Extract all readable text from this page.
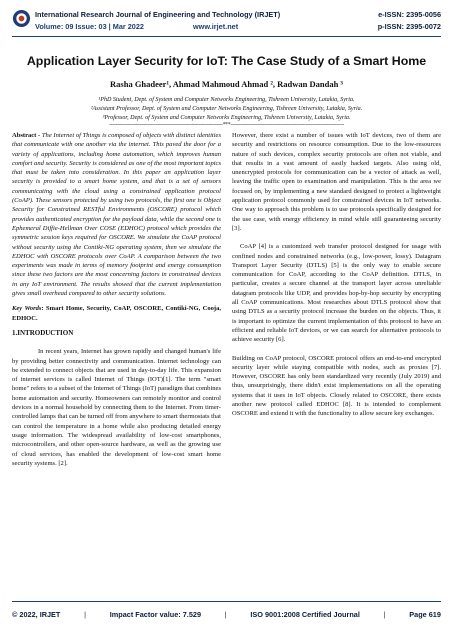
International Research Journal of Engineering and Technology (IRJET)
Volume: 09 Issue: 03 | Mar 2022	www.irjet.net
e-ISSN: 2395-0056
p-ISSN: 2395-0072
Application Layer Security for IoT: The Case Study of a Smart Home
Rasha Ghadeer¹, Ahmad Mahmoud Ahmad ², Radwan Dandah ³
¹PhD Student, Dept. of System and Computer Networks Engineering, Tishreen University, Latakia, Syria.
²Assistant Professor, Dept. of System and Computer Networks Engineering, Tishreen University, Latakia, Syria.
³Professor, Dept. of System and Computer Networks Engineering, Tishreen University, Latakia, Syria.
-----------------------------------------------------------------------***-----------------------------------------------------------------------

Abstract - The Internet of Things is composed of objects with distinct identities that communicate with one another via the internet. This paved the door for a variety of applications, including home automation, which improves human comfort and security. Security is considered as one of the most important topics that must be taken into consideration. In this paper an application layer security is provided to a smart home system, and that is a set of sensors communicating with the cloud using a constrained application protocol (CoAP). These sensors protected by using two protocols, the first one is Object Security for Constrained RESTful Environments (OSCORE) protocol which provides authenticated encryption for the payload data, while the second one is Ephemeral Diffie-Hellman Over COSE (EDHOC) protocol which provides the symmetric session keys required for OSCORE. We simulate the CoAP protocol without security using the Contiki-NG operating system, then we simulate the EDHOC with OSCORE protocols over CoAP. A comparison between the two experiments was made in terms of memory footprint and energy consumption since these two factors are the most concerning factors in constrained devices in any IoT environment. The results showed that the current implementation gives small overhead compared to other security solutions.

Key Words: Smart Home, Security, CoAP, OSCORE, Contiki-NG, Cooja, EDHOC.

1.INTRODUCTION

In recent years, Internet has grown rapidly and changed human's life by providing better connectivity and communication. Internet technology can be extended to connect objects that are used in day-to-day life. This expansion of internet services is called Internet of Things (IOT)[1]. The term "smart home" refers to a subset of the Internet of Things (IoT) paradigm that combines home automation and security. Homeowners can remotely monitor and control devices in a normal household by connecting them to the Internet. From timer-controlled lamps that can be turned off from anywhere to smart thermostats that can control the temperature in a home while also producing detailed energy usage information. The widespread availability of low-cost smartphones, microcontrollers, and other open-source hardware, as well as the growing use of cloud services, has enabled the development of low-cost smart home security systems. [2].

However, there exist a number of issues with IoT devices, two of them are security and restrictions on resource consumption. Due to the low-resources nature of such devices, complex security protocols are often not viable, and that results in a vast amount of easily hacked targets. Also using old, unencrypted protocols for communication can be a vector of attack as well, leaving the traffic open to examination and manipulation. This is the area we focused on, by implementing a new standard designed to protect a lightweight application protocol commonly used for constrained devices in IoT networks. One way to approach this problem is to use protocols specifically designed for the use case, with energy efficiency in mind while still guaranteeing security [3].

CoAP [4] is a customized web transfer protocol designed for usage with confined nodes and constrained networks (e.g., low-power, lossy). Datagram Transport Layer Security (DTLS) [5] is the only way to enable secure communication for CoAP, according to the CoAP definition. DTLS, in particular, creates a secure channel at the transport layer across unreliable datagram protocols like UDP, and provides hop-by-hop security by encrypting all CoAP communications. Most researches about DTLS protocol show that using DTLS as a security protocol increase the burden on the objects. Thus, it is important to optimize the current implementation of this protocol to have an efficient and reliable IoT devices, or we can search for alternative protocols to achieve security [6].

Building on CoAP protocol, OSCORE protocol offers an end-to-end encrypted security layer while staying compatible with nodes, such as proxies [7]. However, OSCORE has only been standardized very recently (July 2019) and thus, unsurprisingly, there didn't exist implementations on all the operating systems that it uses in IoT objects. Closely related to OSCORE, there exists another new protocol called EDHOC [8]. It is intended to complement OSCORE and extend it with the functionality to allow secure key exchanges.

© 2022, IRJET	|	Impact Factor value: 7.529	|	ISO 9001:2008 Certified Journal	|	Page 619
